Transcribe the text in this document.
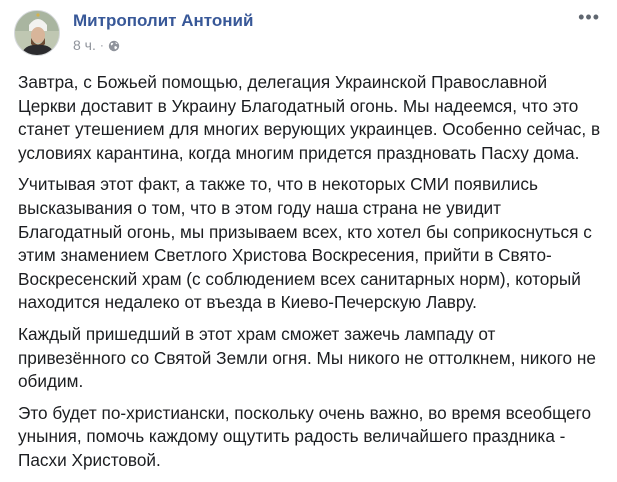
Митрополит Антоний
8 ч. ·
•••

Завтра, с Божьей помощью, делегация Украинской Православной Церкви доставит в Украину Благодатный огонь. Мы надеемся, что это станет утешением для многих верующих украинцев. Особенно сейчас, в условиях карантина, когда многим придется праздновать Пасху дома.

Учитывая этот факт, а также то, что в некоторых СМИ появились высказывания о том, что в этом году наша страна не увидит Благодатный огонь, мы призываем всех, кто хотел бы соприкоснуться с этим знамением Светлого Христова Воскресения, прийти в Свято-Воскресенский храм (с соблюдением всех санитарных норм), который находится недалеко от въезда в Киево-Печерскую Лавру.

Каждый пришедший в этот храм сможет зажечь лампаду от привезённого со Святой Земли огня. Мы никого не оттолкнем, никого не обидим.

Это будет по-христиански, поскольку очень важно, во время всеобщего уныния, помочь каждому ощутить радость величайшего праздника - Пасхи Христовой.
